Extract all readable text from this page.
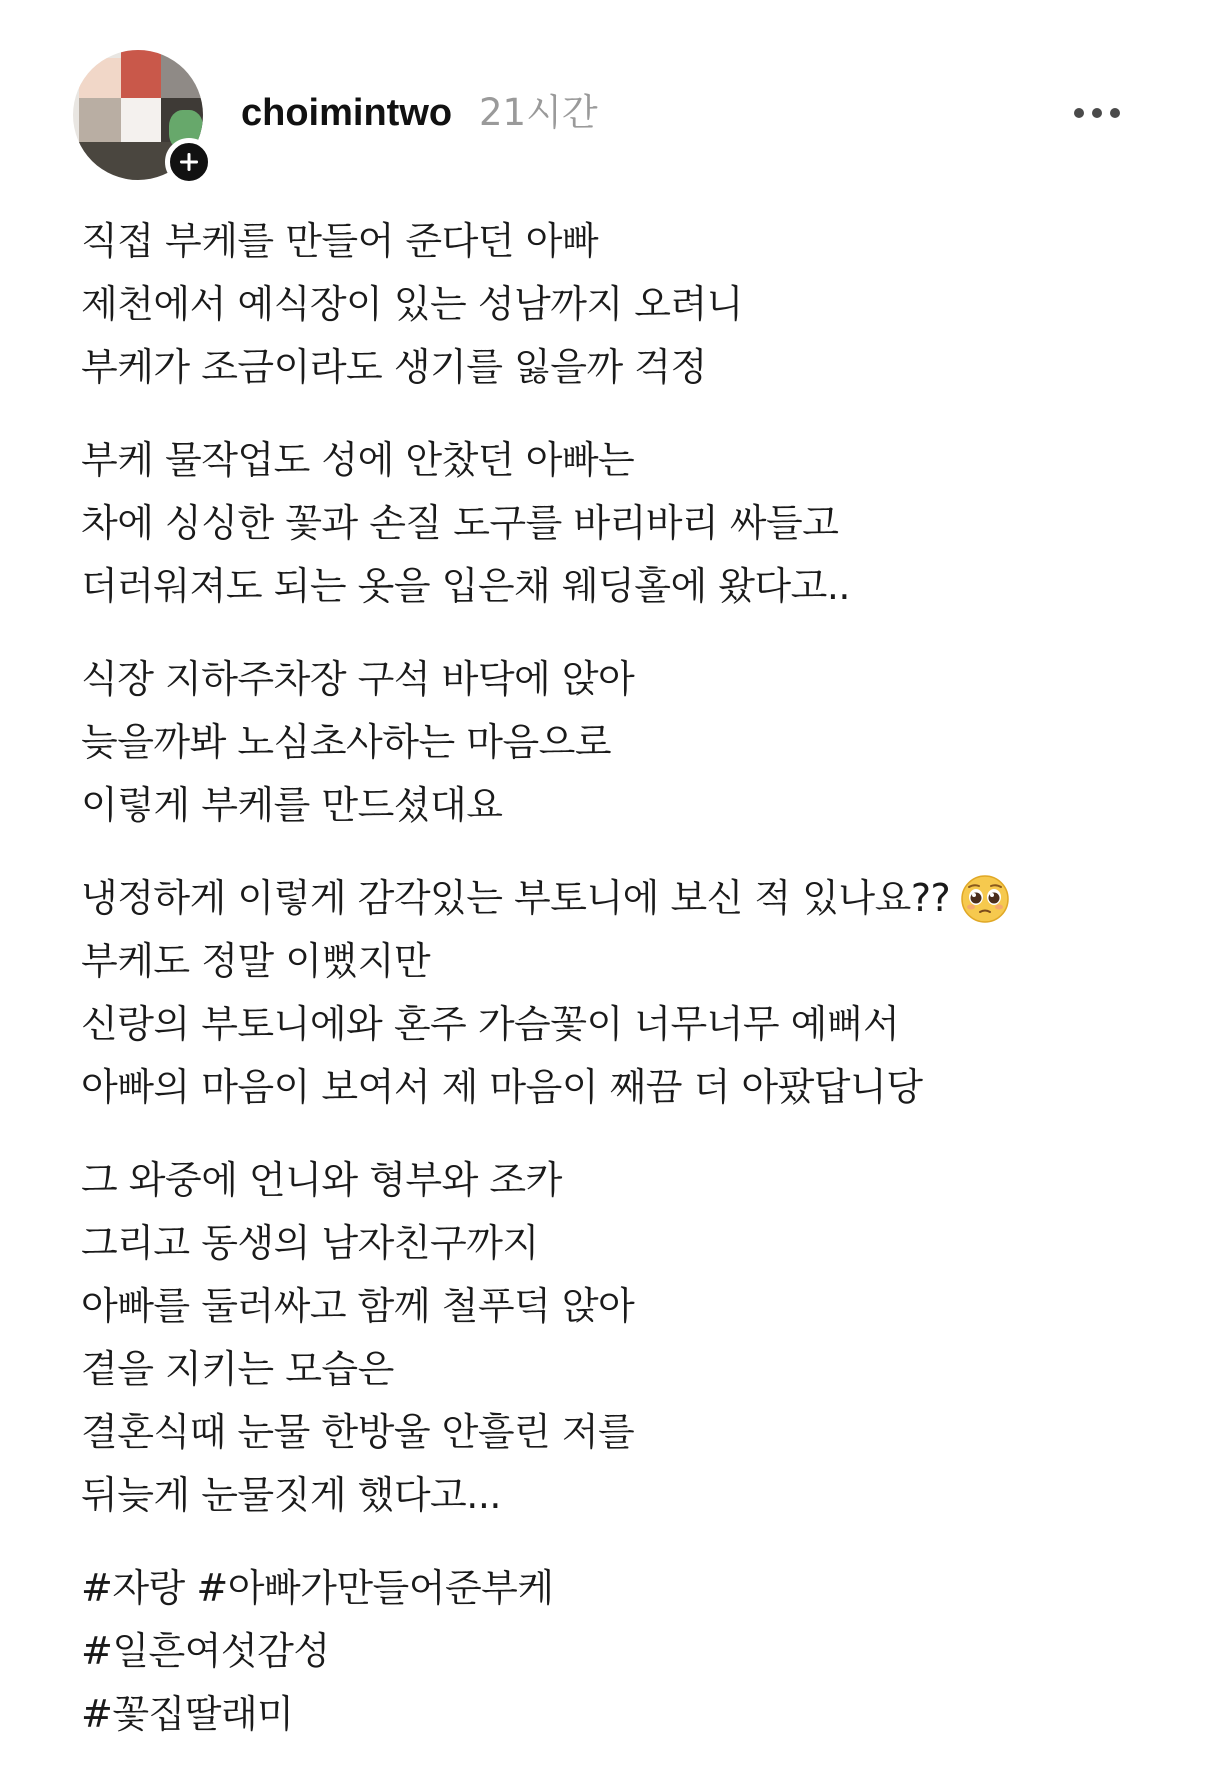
choimintwo 21시간
직접 부케를 만들어 준다던 아빠
제천에서 예식장이 있는 성남까지 오려니
부케가 조금이라도 생기를 잃을까 걱정
부케 물작업도 성에 안찼던 아빠는
차에 싱싱한 꽃과 손질 도구를 바리바리 싸들고
더러워져도 되는 옷을 입은채 웨딩홀에 왔다고..
식장 지하주차장 구석 바닥에 앉아
늦을까봐 노심초사하는 마음으로
이렇게 부케를 만드셨대요
냉정하게 이렇게 감각있는 부토니에 보신 적 있나요??
부케도 정말 이뻤지만
신랑의 부토니에와 혼주 가슴꽃이 너무너무 예뻐서
아빠의 마음이 보여서 제 마음이 째끔 더 아팠답니당
그 와중에 언니와 형부와 조카
그리고 동생의 남자친구까지
아빠를 둘러싸고 함께 철푸덕 앉아
곁을 지키는 모습은
결혼식때 눈물 한방울 안흘린 저를
뒤늦게 눈물짓게 했다고...
#자랑 #아빠가만들어준부케
#일흔여섯감성
#꽃집딸래미
